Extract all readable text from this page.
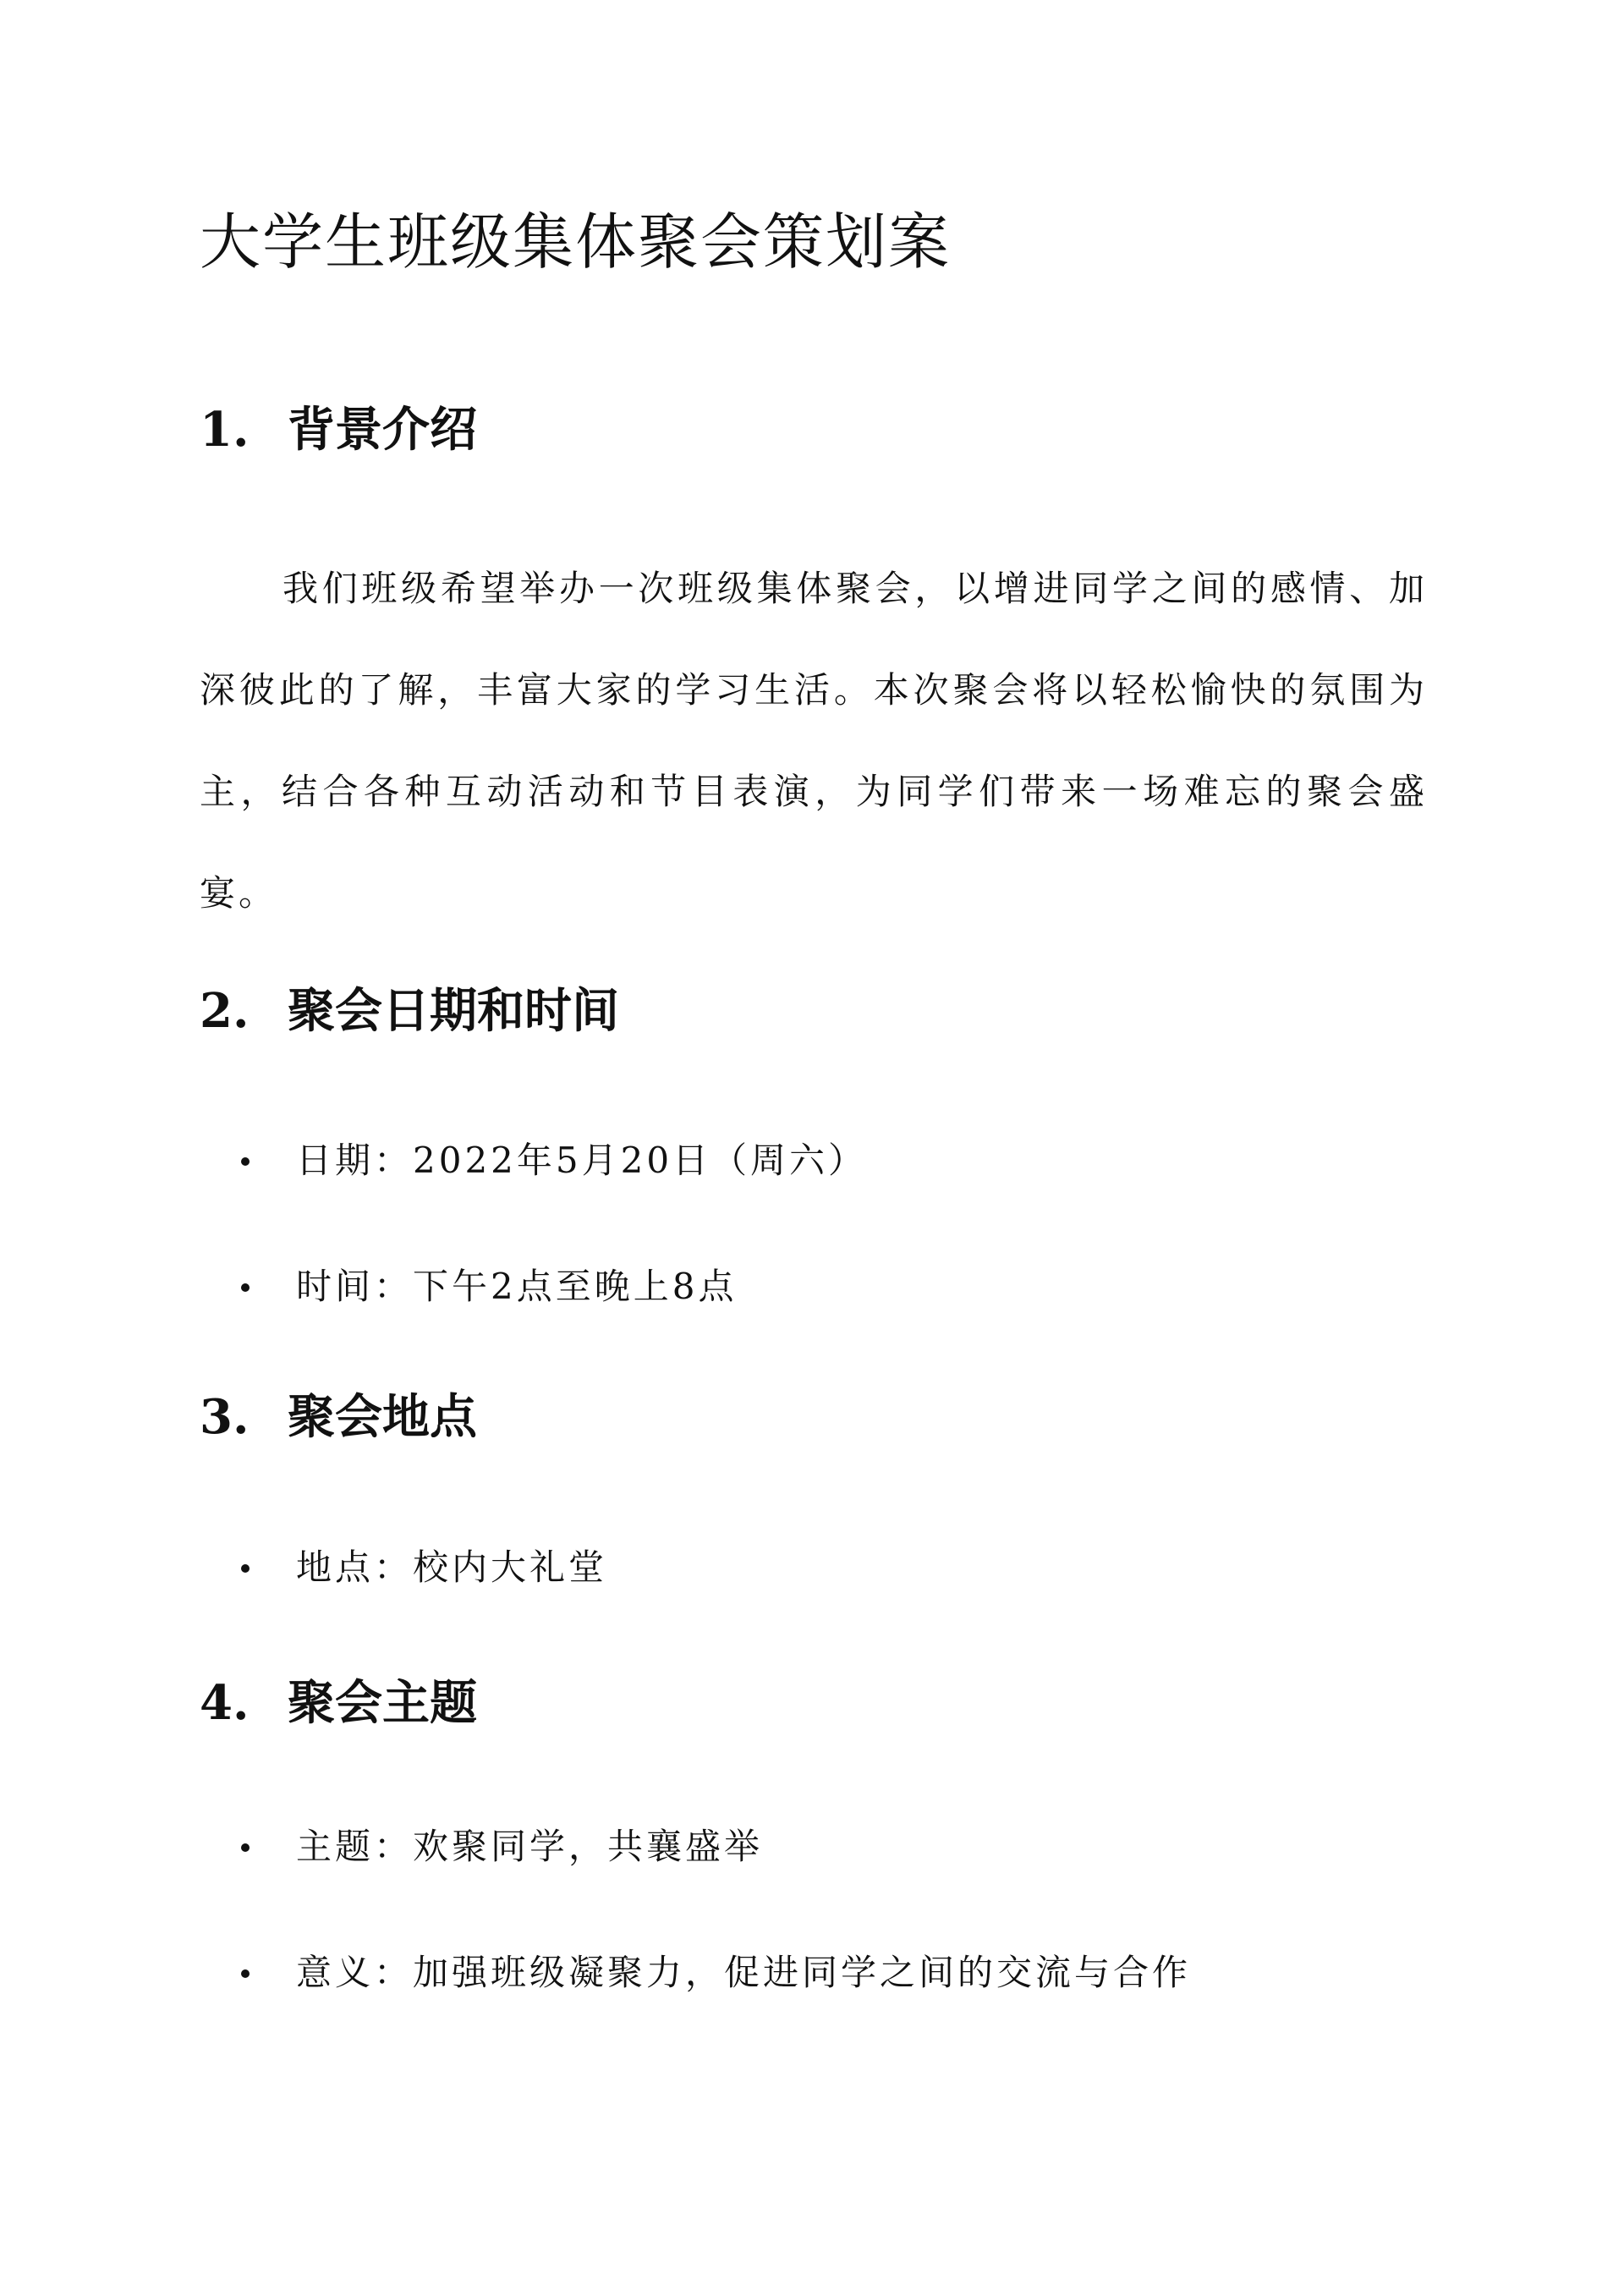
大学生班级集体聚会策划案
1. 背景介绍

我们班级希望举办一次班级集体聚会，以增进同学之间的感情、加深彼此的了解，丰富大家的学习生活。本次聚会将以轻松愉快的氛围为主，结合各种互动活动和节目表演，为同学们带来一场难忘的聚会盛宴。

2. 聚会日期和时间
日期：2022年5月20日（周六）
时间：下午2点至晚上8点
3. 聚会地点
地点：校内大礼堂
4. 聚会主题
主题：欢聚同学，共襄盛举
意义：加强班级凝聚力，促进同学之间的交流与合作
